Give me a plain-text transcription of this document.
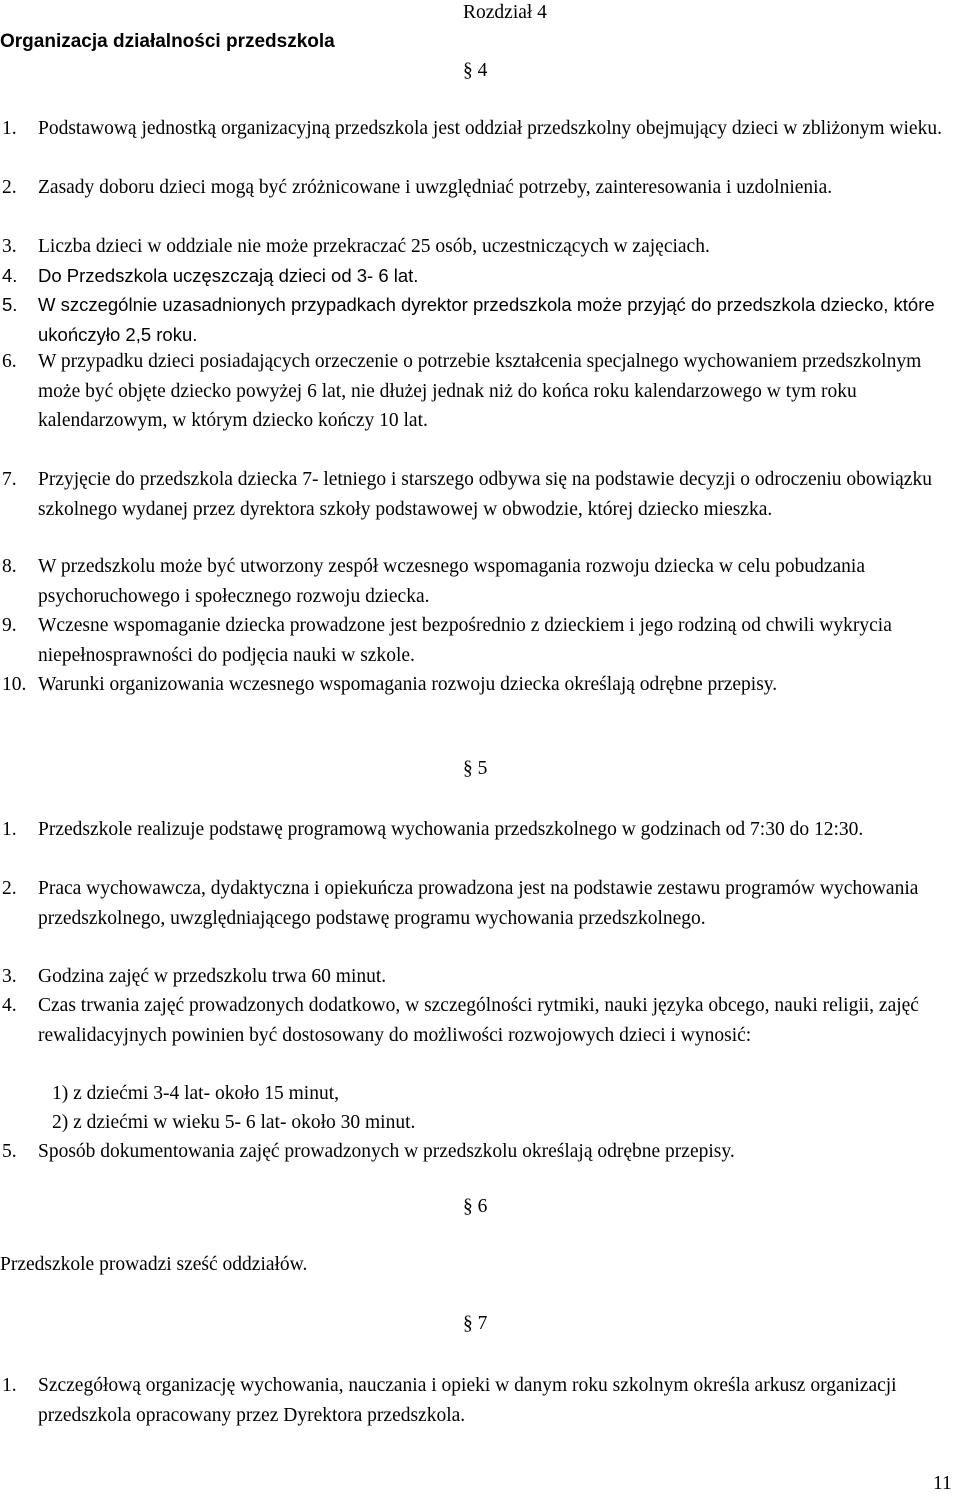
Rozdział 4
Organizacja działalności przedszkola
§ 4
1. Podstawową jednostką organizacyjną przedszkola jest oddział przedszkolny obejmujący dzieci w zbliżonym wieku.
2. Zasady doboru dzieci mogą być zróżnicowane i uwzględniać potrzeby, zainteresowania i uzdolnienia.
3. Liczba dzieci w oddziale nie może przekraczać 25 osób, uczestniczących w zajęciach.
4. Do Przedszkola uczęszczają dzieci od 3- 6 lat.
5. W szczególnie uzasadnionych przypadkach dyrektor przedszkola może przyjąć do przedszkola dziecko, które ukończyło 2,5 roku.
6. W przypadku dzieci posiadających orzeczenie o potrzebie kształcenia specjalnego wychowaniem przedszkolnym może być objęte dziecko powyżej 6 lat, nie dłużej jednak niż do końca roku kalendarzowego w tym roku kalendarzowym, w którym dziecko kończy 10 lat.
7. Przyjęcie do przedszkola dziecka 7- letniego i starszego odbywa się na podstawie decyzji o odroczeniu obowiązku szkolnego wydanej przez dyrektora szkoły podstawowej w obwodzie, której dziecko mieszka.
8. W przedszkolu może być utworzony zespół wczesnego wspomagania rozwoju dziecka w celu pobudzania psychoruchowego i społecznego rozwoju dziecka.
9. Wczesne wspomaganie dziecka prowadzone jest bezpośrednio z dzieckiem i jego rodziną od chwili wykrycia niepełnosprawności do podjęcia nauki w szkole.
10. Warunki organizowania wczesnego wspomagania rozwoju dziecka określają odrębne przepisy.
§ 5
1. Przedszkole realizuje podstawę programową wychowania przedszkolnego w godzinach od 7:30 do 12:30.
2. Praca wychowawcza, dydaktyczna i opiekuńcza prowadzona jest na podstawie zestawu programów wychowania przedszkolnego, uwzględniającego podstawę programu wychowania przedszkolnego.
3. Godzina zajęć w przedszkolu trwa 60 minut.
4. Czas trwania zajęć prowadzonych dodatkowo, w szczególności rytmiki, nauki języka obcego, nauki religii, zajęć rewalidacyjnych powinien być dostosowany do możliwości rozwojowych dzieci i wynosić:
1) z dziećmi 3-4 lat- około 15 minut,
2) z dziećmi w wieku 5- 6 lat- około 30 minut.
5. Sposób dokumentowania zajęć prowadzonych w przedszkolu określają odrębne przepisy.
§ 6
Przedszkole prowadzi sześć oddziałów.
§ 7
1. Szczegółową organizację wychowania, nauczania i opieki w danym roku szkolnym określa arkusz organizacji przedszkola opracowany przez Dyrektora przedszkola.
11
